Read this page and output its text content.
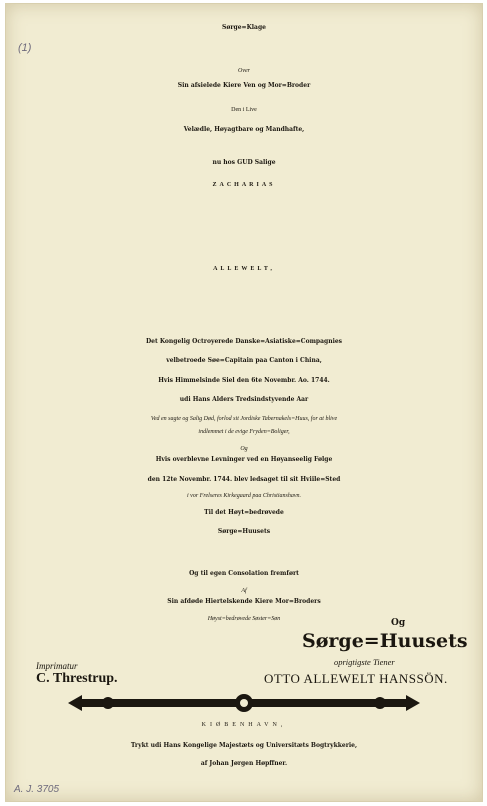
(1)
Sørge=Klage
Over
Sin afsielede Kiere Ven og Mor=Broder
Den i Live
Velædle, Høyagtbare og Mandhafte,
nu hos GUD Salige
ZACHARIAS
ALLEWELT,
Det Kongelig Octroyerede Danske=Asiatiske=Compagnies
velbetroede Søe=Capitain paa Canton i China,
Hvis Himmelsinde Siel den 6te Novembr. Ao. 1744.
udi Hans Alders Tredsindstyvende Aar
Ved en sagte og Salig Død, forlod sit Jordiske Tabernakels=Huus, for at blive
indlemmet i de evige Fryden=Boliger,
Og
Hvis overblevne Levninger ved en Høyanseelig Følge
den 12te Novembr. 1744. blev ledsaget til sit Hviile=Sted
i vor Frelseres Kirkegaard paa Christianshavn.
Til det Høyt=bedrøvede
Sørge=Huusets
Og til egen Consolation fremført
Af
Sin afdøde Hiertelskende Kiere Mor=Broders
Høyst=bedrøvede Søster=Søn	Og
Sørge=Huusets
oprigtigste Tiener
Imprimatur
C. Threstrup.	OTTO ALLEWELT HANSSÖN.
KIØBENHAVN,
Trykt udi Hans Kongelige Majestæts og Universitæts Bogtrykkerie,
af Johan Jørgen Høpffner.
A. J. 3705
